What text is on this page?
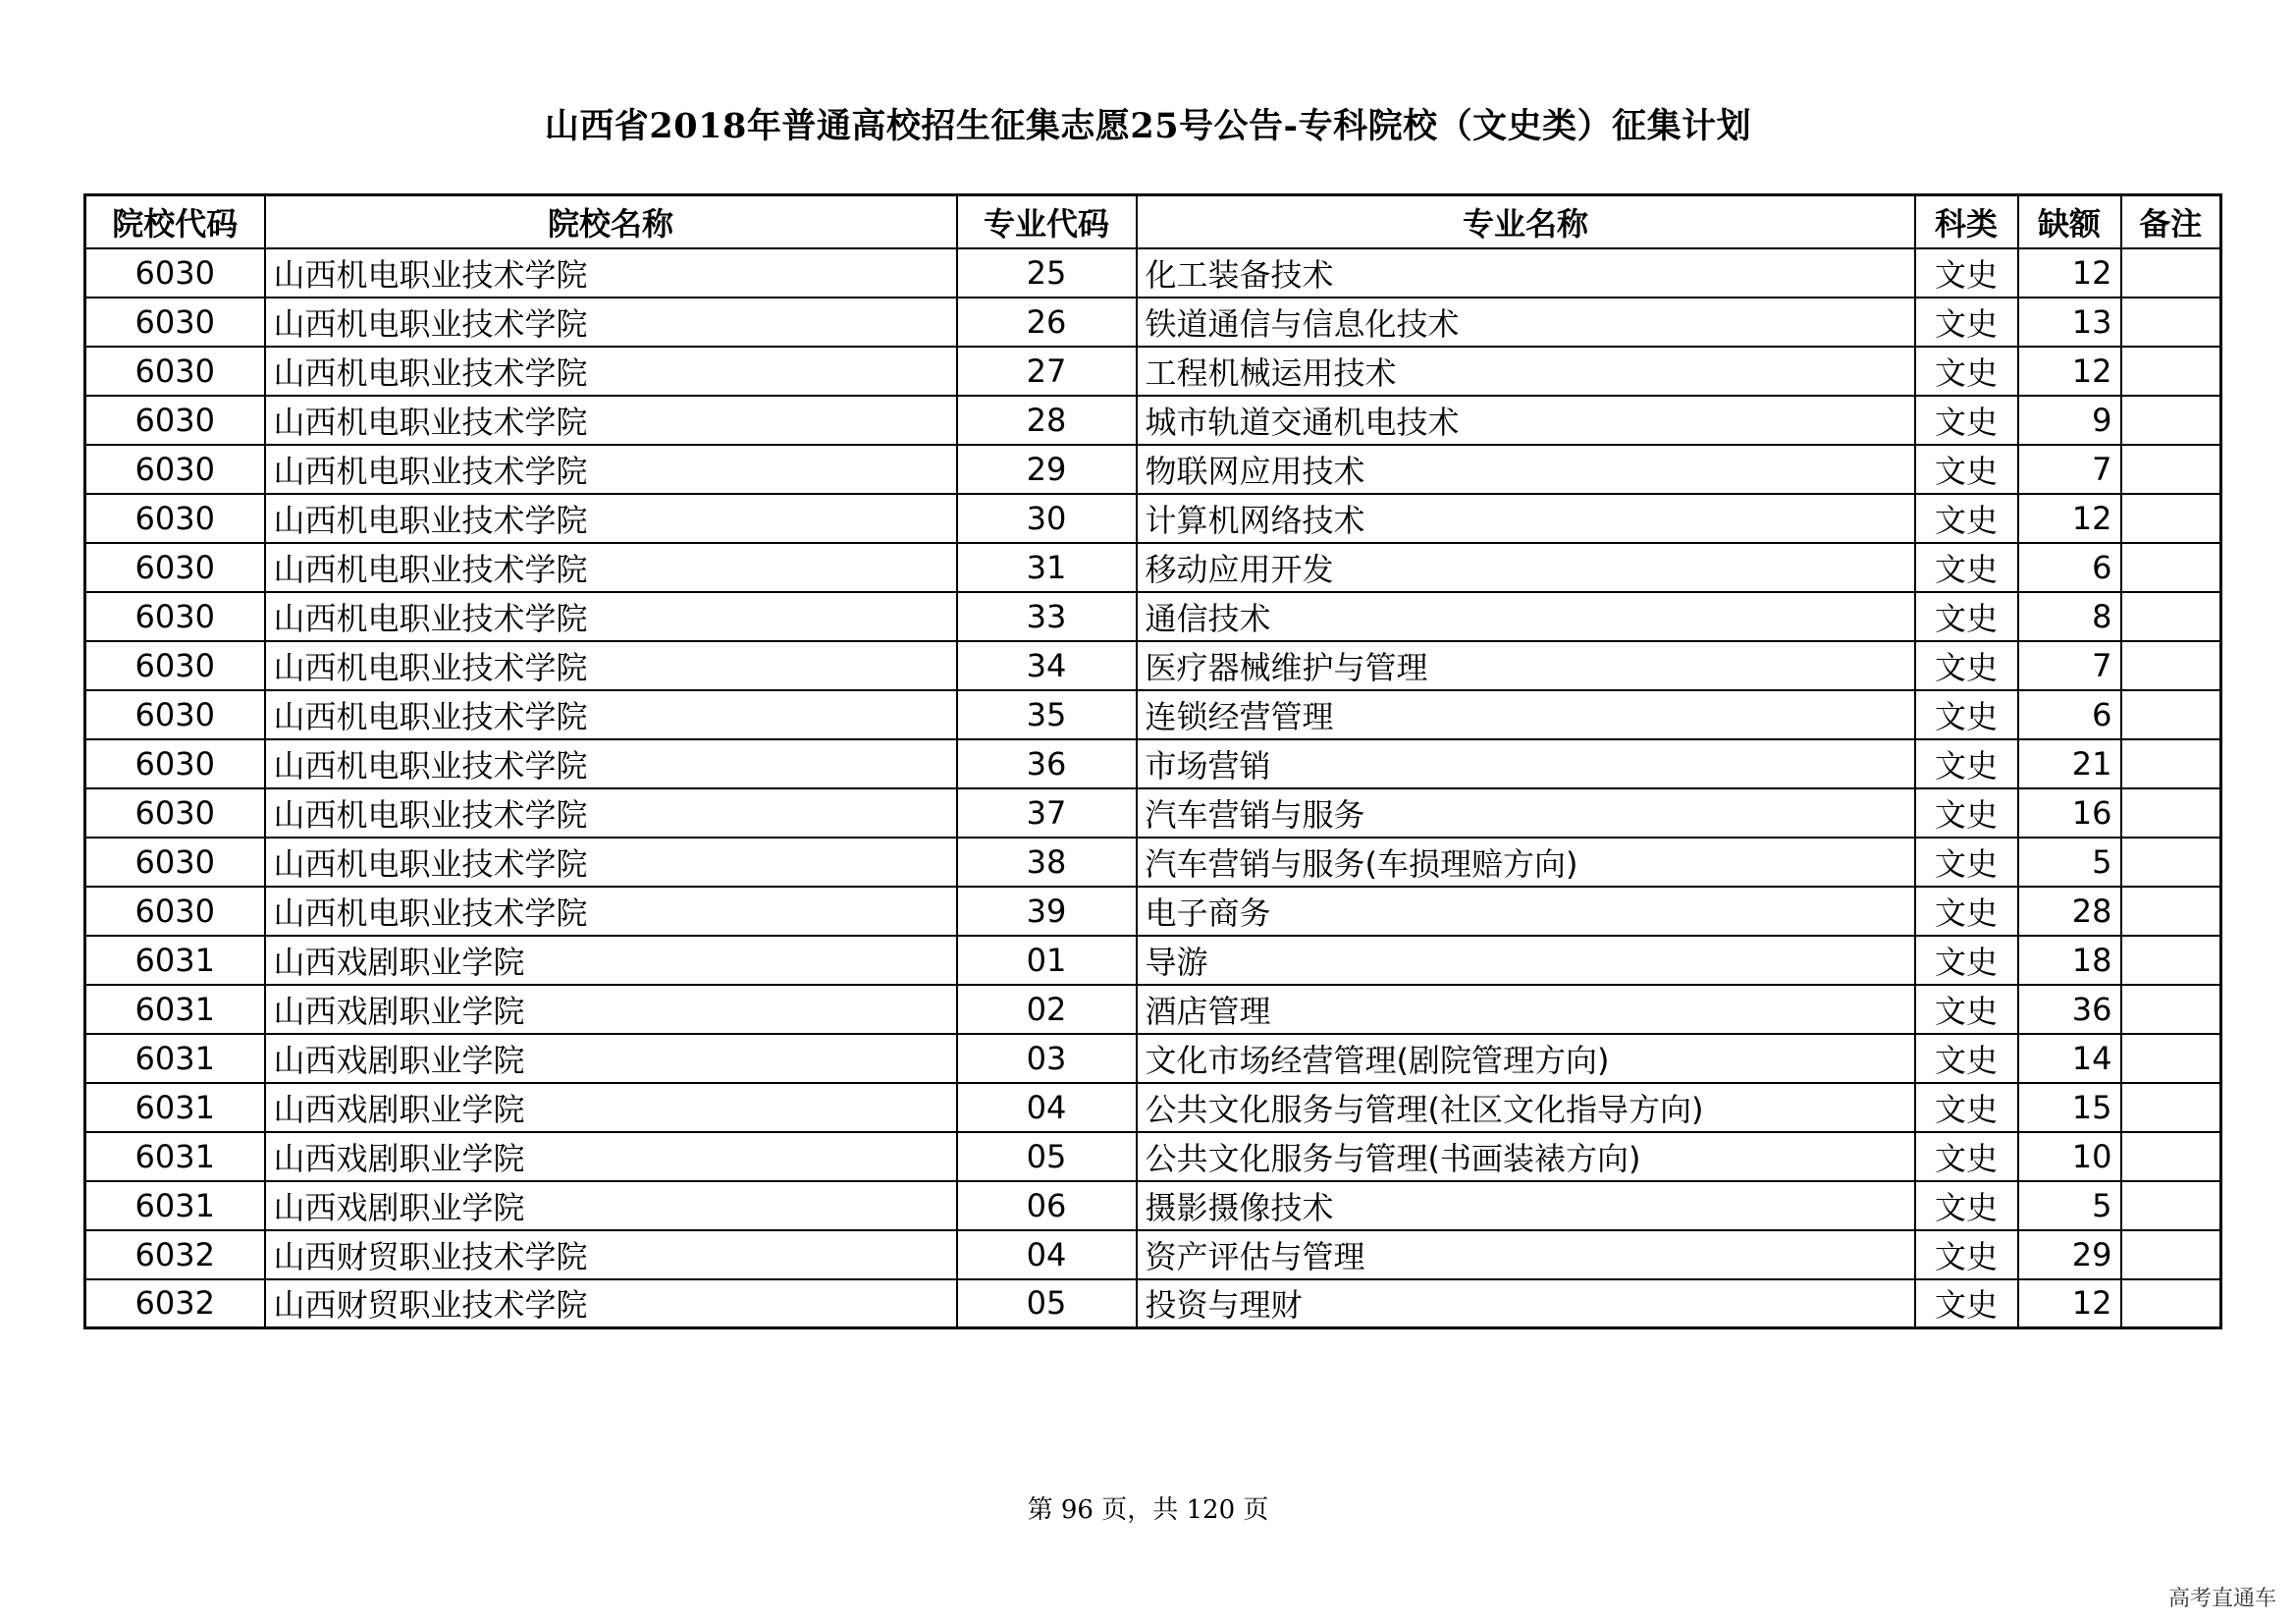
山西省2018年普通高校招生征集志愿25号公告-专科院校（文史类）征集计划
院校代码	院校名称	专业代码	专业名称	科类	缺额	备注
6030	山西机电职业技术学院	25	化工装备技术	文史	12	
6030	山西机电职业技术学院	26	铁道通信与信息化技术	文史	13	
6030	山西机电职业技术学院	27	工程机械运用技术	文史	12	
6030	山西机电职业技术学院	28	城市轨道交通机电技术	文史	9	
6030	山西机电职业技术学院	29	物联网应用技术	文史	7	
6030	山西机电职业技术学院	30	计算机网络技术	文史	12	
6030	山西机电职业技术学院	31	移动应用开发	文史	6	
6030	山西机电职业技术学院	33	通信技术	文史	8	
6030	山西机电职业技术学院	34	医疗器械维护与管理	文史	7	
6030	山西机电职业技术学院	35	连锁经营管理	文史	6	
6030	山西机电职业技术学院	36	市场营销	文史	21	
6030	山西机电职业技术学院	37	汽车营销与服务	文史	16	
6030	山西机电职业技术学院	38	汽车营销与服务(车损理赔方向)	文史	5	
6030	山西机电职业技术学院	39	电子商务	文史	28	
6031	山西戏剧职业学院	01	导游	文史	18	
6031	山西戏剧职业学院	02	酒店管理	文史	36	
6031	山西戏剧职业学院	03	文化市场经营管理(剧院管理方向)	文史	14	
6031	山西戏剧职业学院	04	公共文化服务与管理(社区文化指导方向)	文史	15	
6031	山西戏剧职业学院	05	公共文化服务与管理(书画装裱方向)	文史	10	
6031	山西戏剧职业学院	06	摄影摄像技术	文史	5	
6032	山西财贸职业技术学院	04	资产评估与管理	文史	29	
6032	山西财贸职业技术学院	05	投资与理财	文史	12	
第 96 页，共 120 页
高考直通车
